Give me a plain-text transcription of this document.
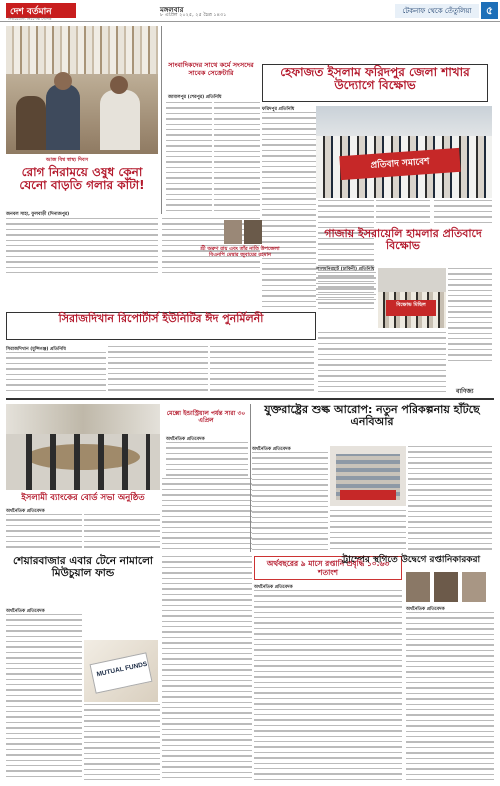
দেশ বর্তমান
নির্ভরযোগ্য নিরপেক্ষ দৈনিক
মঙ্গলবার
৮ এপ্রিল ২০২৫, ২৫ চৈত্র ১৪৩১	টেকনাফ থেকে তেঁতুলিয়া	৫
আজ বিশ্ব স্বাস্থ্য দিবস
রোগ নিরাময়ে ওষুধ কেনা যেনো বাড়তি গলার কাঁটা!
জনবল সাহা, ফুলবাড়ী (দিনাজপুর)
সাংবাদিকদের সাথে কর্মে সংসদের সাবেক সেক্রেটারি
জামালপুর (শেরপুর) প্রতিনিধি
হেফাজত ইসলাম ফরিদপুর জেলা শাখার উদ্যোগে বিক্ষোভ
ফরিদপুর প্রতিনিধি
প্রতিবাদ সমাবেশ
শ্রী অরুণ রায় এবং তাঁর নাতি উপজেলা বিএনপি মেম্বার জুবায়ের রহমান
গাজায় ইসরায়েলি হামলার প্রতিবাদে বিক্ষোভ
লালমনিরহাট (ঢাকিনী) প্রতিনিধি
বিক্ষোভ মিছিল
সিরাজদিখান রিপোর্টার্স ইউনিটির ঈদ পুনর্মিলনী
সিরাজদিখান (মুন্সিগঞ্জ) প্রতিনিধি
বাণিজ্য
ইসলামী ব্যাংকের বোর্ড সভা অনুষ্ঠিত
অর্থনৈতিক প্রতিবেদক
মেক্সো ইন্ডাস্ট্রিয়াল পর্যন্ত সারা ৩০ এপ্রিল
অর্থনৈতিক প্রতিবেদক
যুক্তরাষ্ট্রের শুল্ক আরোপ: নতুন পরিকল্পনায় হাঁটছে এনবিআর
অর্থনৈতিক প্রতিবেদক
শেয়ারবাজার এবার টেনে নামালো মিউচুয়াল ফান্ড
অর্থনৈতিক প্রতিবেদক
MUTUAL FUNDS
অর্থবছরের ৯ মাসে রপ্তানি প্রবৃদ্ধি ১০.৬৩ শতাংশ
অর্থনৈতিক প্রতিবেদক
ট্রাম্পের স্থগিতে উদ্বেগে রপ্তানিকারকরা
অর্থনৈতিক প্রতিবেদক
